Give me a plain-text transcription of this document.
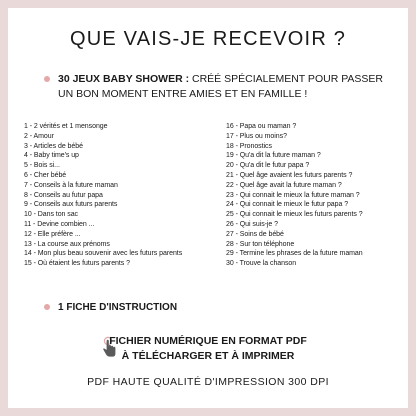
QUE VAIS-JE RECEVOIR ?
30 JEUX BABY SHOWER : CRÉÉ SPÉCIALEMENT POUR PASSER UN BON MOMENT ENTRE AMIES ET EN FAMILLE !
1 - 2 vérités et 1 mensonge
2 - Amour
3 - Articles de bébé
4 - Baby time's up
5 - Bois si...
6 - Cher bébé
7 - Conseils à la future maman
8 - Conseils au futur papa
9 - Conseils aux futurs parents
10 - Dans ton sac
11 - Devine combien ...
12 - Elle préfère ...
13 - La course aux prénoms
14 - Mon plus beau souvenir avec les futurs parents
15 - Où étaient les futurs parents ?
16 - Papa ou maman ?
17 - Plus ou moins?
18 - Pronostics
19 - Qu'a dit la future maman ?
20 - Qu'a dit le futur papa ?
21 - Quel âge avaient les futurs parents ?
22 - Quel âge avait la future maman ?
23 - Qui connait le mieux la future maman ?
24 - Qui connait le mieux le futur papa ?
25 - Qui connait le mieux les futurs parents ?
26 - Qui suis-je ?
27 - Soins de bébé
28 - Sur ton téléphone
29 - Termine les phrases de la future maman
30 - Trouve la chanson
1 FICHE D'INSTRUCTION
FICHIER NUMÉRIQUE EN FORMAT PDF
À TÉLÉCHARGER ET À IMPRIMER
PDF HAUTE QUALITÉ D'IMPRESSION 300 DPI
